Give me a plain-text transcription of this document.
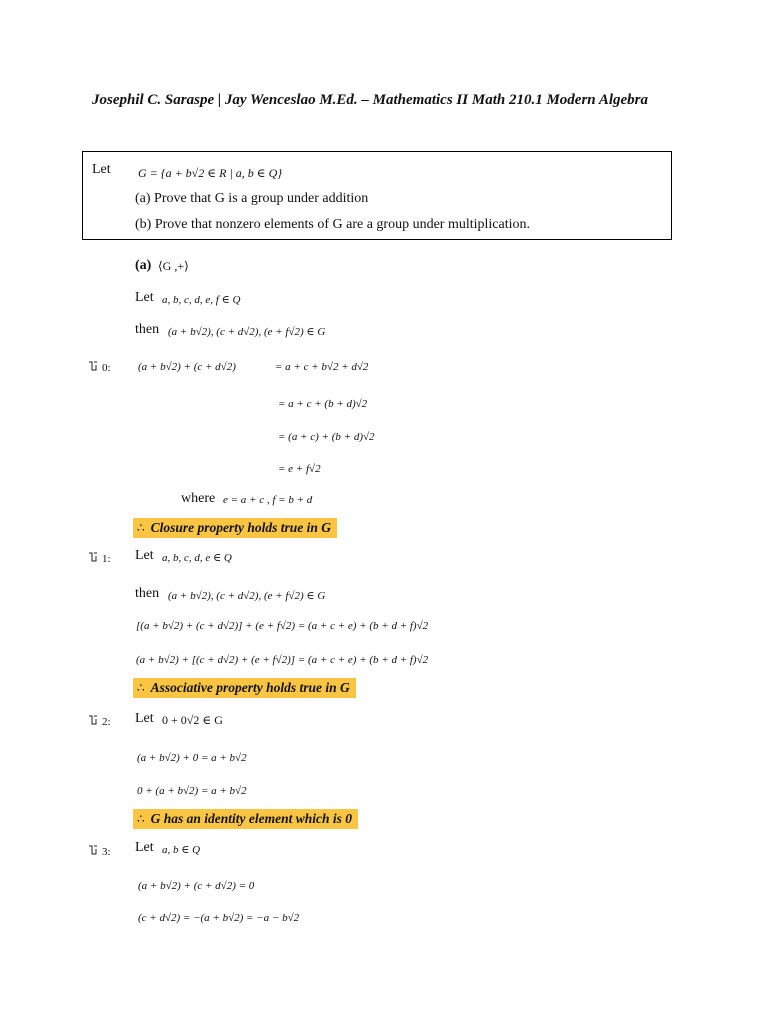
Josephil C. Saraspe | Jay Wenceslao M.Ed. – Mathematics II Math 210.1 Modern Algebra
Let G = {a + b√2 ∈ R | a, b ∈ Q}
(a) Prove that G is a group under addition
(b) Prove that nonzero elements of G are a group under multiplication.
(a) ⟨G ,+⟩
Let a, b, c, d, e, f ∈ Q
then (a + b√2), (c + d√2), (e + f√2) ∈ G
0: (a + b√2) + (c + d√2)	= a + c + b√2 + d√2
= a + c + (b + d)√2
= (a + c) + (b + d)√2
= e + f√2
where e = a + c , f = b + d
∴ Closure property holds true in G
1: Let a, b, c, d, e ∈ Q
then (a + b√2), (c + d√2), (e + f√2) ∈ G
[(a + b√2) + (c + d√2)] + (e + f√2) = (a + c + e) + (b + d + f)√2
(a + b√2) + [(c + d√2) + (e + f√2)] = (a + c + e) + (b + d + f)√2
∴ Associative property holds true in G
2: Let 0 + 0√2 ∈ G
(a + b√2) + 0 = a + b√2
0 + (a + b√2) = a + b√2
∴ G has an identity element which is 0
3: Let a, b ∈ Q
(a + b√2) + (c + d√2) = 0
(c + d√2) = −(a + b√2) = −a − b√2
